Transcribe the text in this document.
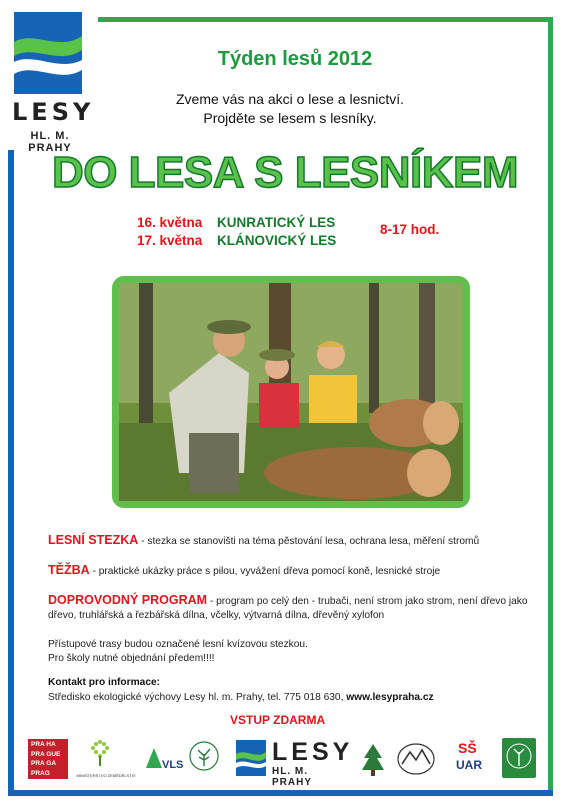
LESY
HL. M. PRAHY
Týden lesů 2012
Zveme vás na akci o lese a lesnictví.
Projděte se lesem s lesníky.
DO LESA S LESNÍKEM
16. května KUNRATICKÝ LES
17. května KLÁNOVICKÝ LES
8-17 hod.
LESNÍ STEZKA - stezka se stanovišti na téma pěstování lesa, ochrana lesa, měření stromů
TĚŽBA - praktické ukázky práce s pilou, vyvážení dřeva pomocí koně, lesnické stroje
DOPROVODNÝ PROGRAM - program po celý den - trubači, není strom jako strom, není dřevo jako dřevo, truhlářská a řezbářská dílna, včelky, výtvarná dílna, dřevěný xylofon
Přístupové trasy budou označené lesní kvízovou stezkou.
Pro školy nutné objednání předem!!!!
Kontakt pro informace:
Středisko ekologické výchovy Lesy hl. m. Prahy, tel. 775 018 630, www.lesypraha.cz
VSTUP ZDARMA
PRA HA
PRA GUE
PRA GA
PRAG	MINISTERSTVO ZEMĚDĚLSTVÍ
VLS	LESY
HL. M. PRAHY
SŠ
UAR
